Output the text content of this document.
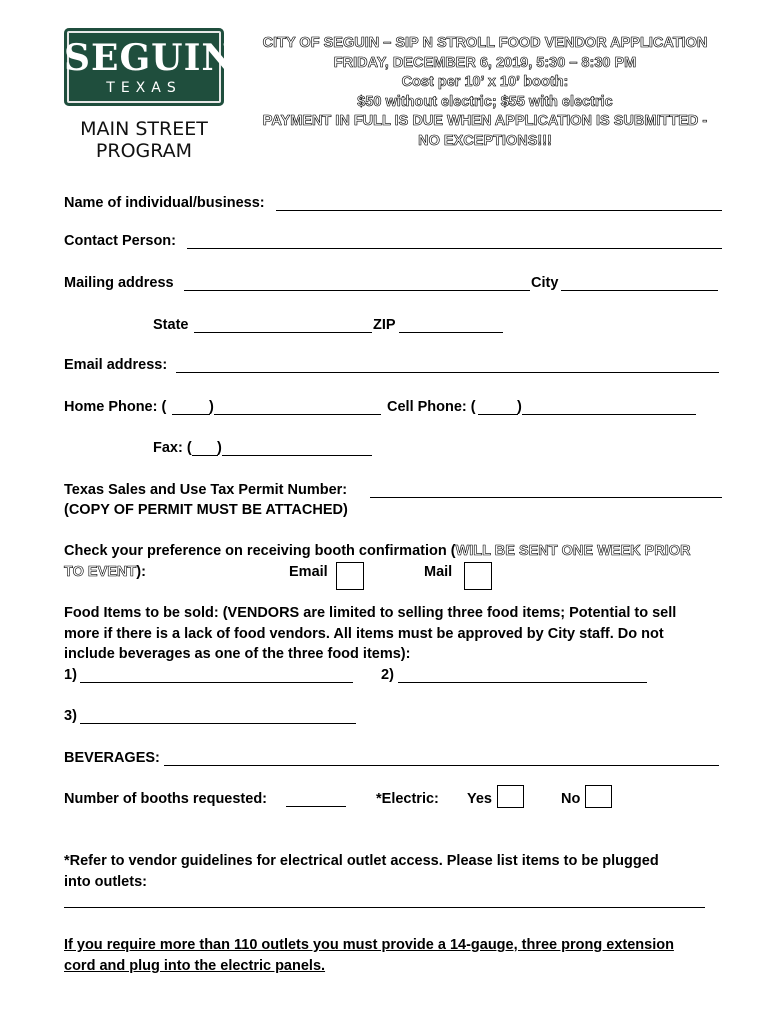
SEGUIN
TEXAS
MAIN STREET
PROGRAM
CITY OF SEGUIN – SIP N STROLL FOOD VENDOR APPLICATION
FRIDAY, DECEMBER 6, 2019, 5:30 – 8:30 PM
Cost per 10’ x 10’ booth:
$50 without electric; $55 with electric
PAYMENT IN FULL IS DUE WHEN APPLICATION IS SUBMITTED -
NO EXCEPTIONS!!!
Name of individual/business:
Contact Person:
Mailing address	City
State	ZIP
Email address:
Home Phone: (	)	Cell Phone: (	)
Fax: ( )
Texas Sales and Use Tax Permit Number:
(COPY OF PERMIT MUST BE ATTACHED)
Check your preference on receiving booth confirmation (WILL BE SENT ONE WEEK PRIOR
TO EVENT):	Email	Mail
Food Items to be sold: (VENDORS are limited to selling three food items; Potential to sell
more if there is a lack of food vendors. All items must be approved by City staff. Do not
include beverages as one of the three food items):
1)	2)
3)
BEVERAGES:
Number of booths requested:	*Electric: Yes	No
*Refer to vendor guidelines for electrical outlet access. Please list items to be plugged
into outlets:
If you require more than 110 outlets you must provide a 14-gauge, three prong extension
cord and plug into the electric panels.
